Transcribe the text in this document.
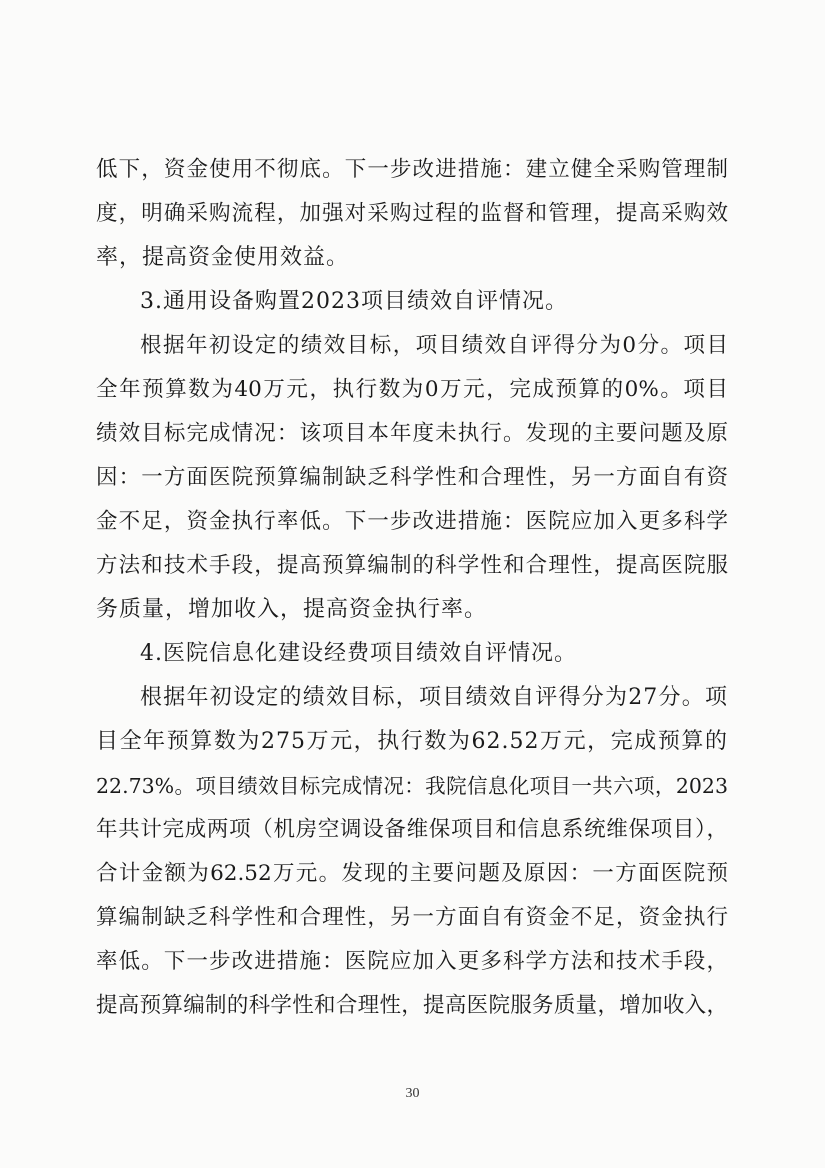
低下，资金使用不彻底。下一步改进措施：建立健全采购管理制
度，明确采购流程，加强对采购过程的监督和管理，提高采购效
率，提高资金使用效益。
3.通用设备购置2023项目绩效自评情况。
根据年初设定的绩效目标，项目绩效自评得分为0分。项目
全年预算数为40万元，执行数为0万元，完成预算的0%。项目
绩效目标完成情况：该项目本年度未执行。发现的主要问题及原
因：一方面医院预算编制缺乏科学性和合理性，另一方面自有资
金不足，资金执行率低。下一步改进措施：医院应加入更多科学
方法和技术手段，提高预算编制的科学性和合理性，提高医院服
务质量，增加收入，提高资金执行率。
4.医院信息化建设经费项目绩效自评情况。
根据年初设定的绩效目标，项目绩效自评得分为27分。项
目全年预算数为275万元，执行数为62.52万元，完成预算的
22.73%。项目绩效目标完成情况：我院信息化项目一共六项，2023
年共计完成两项（机房空调设备维保项目和信息系统维保项目），
合计金额为62.52万元。发现的主要问题及原因：一方面医院预
算编制缺乏科学性和合理性，另一方面自有资金不足，资金执行
率低。下一步改进措施：医院应加入更多科学方法和技术手段，
提高预算编制的科学性和合理性，提高医院服务质量，增加收入，
30
